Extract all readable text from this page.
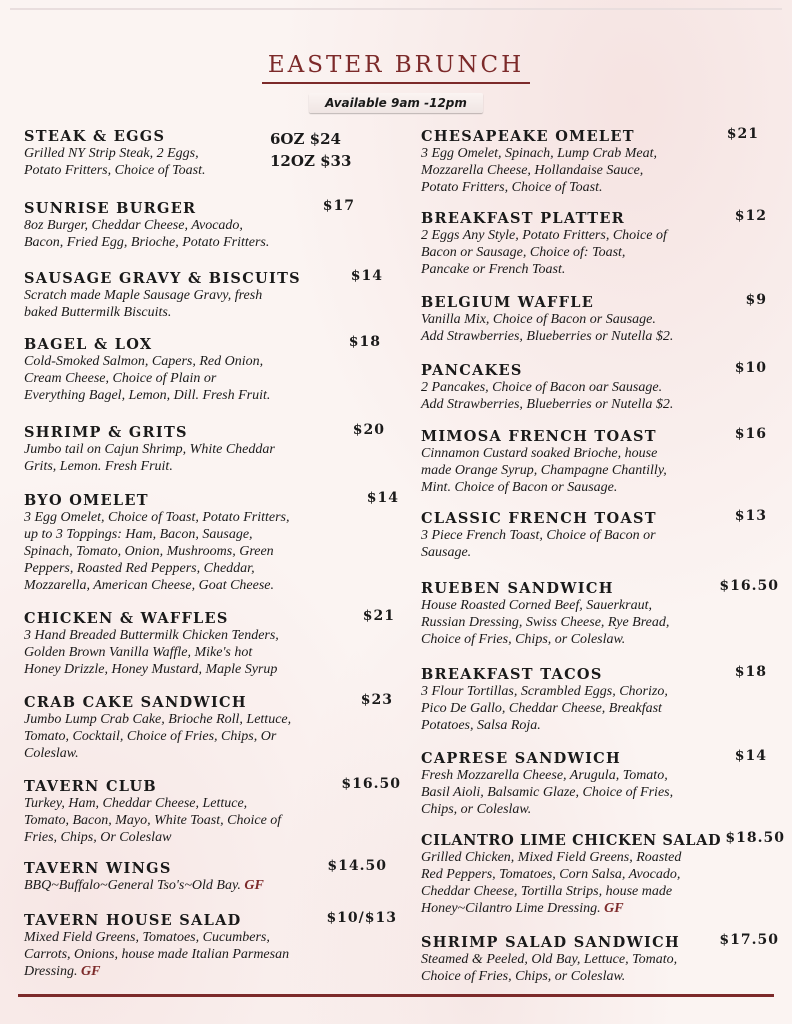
EASTER BRUNCH
Available 9am -12pm
STEAK & EGGS
Grilled NY Strip Steak, 2 Eggs,
Potato Fritters, Choice of Toast.
6OZ $24
12OZ $33
SUNRISE BURGER	$17
8oz Burger, Cheddar Cheese, Avocado,
Bacon, Fried Egg, Brioche, Potato Fritters.
SAUSAGE GRAVY & BISCUITS	$14
Scratch made Maple Sausage Gravy, fresh
baked Buttermilk Biscuits.
BAGEL & LOX	$18
Cold-Smoked Salmon, Capers, Red Onion,
Cream Cheese, Choice of Plain or
Everything Bagel, Lemon, Dill. Fresh Fruit.
SHRIMP & GRITS	$20
Jumbo tail on Cajun Shrimp, White Cheddar
Grits, Lemon. Fresh Fruit.
BYO OMELET	$14
3 Egg Omelet, Choice of Toast, Potato Fritters,
up to 3 Toppings: Ham, Bacon, Sausage,
Spinach, Tomato, Onion, Mushrooms, Green
Peppers, Roasted Red Peppers, Cheddar,
Mozzarella, American Cheese, Goat Cheese.
CHICKEN & WAFFLES	$21
3 Hand Breaded Buttermilk Chicken Tenders,
Golden Brown Vanilla Waffle, Mike's hot
Honey Drizzle, Honey Mustard, Maple Syrup
CRAB CAKE SANDWICH	$23
Jumbo Lump Crab Cake, Brioche Roll, Lettuce,
Tomato, Cocktail, Choice of Fries, Chips, Or
Coleslaw.
TAVERN CLUB	$16.50
Turkey, Ham, Cheddar Cheese, Lettuce,
Tomato, Bacon, Mayo, White Toast, Choice of
Fries, Chips, Or Coleslaw
TAVERN WINGS	$14.50
BBQ~Buffalo~General Tso's~Old Bay. GF
TAVERN HOUSE SALAD	$10/$13
Mixed Field Greens, Tomatoes, Cucumbers,
Carrots, Onions, house made Italian Parmesan
Dressing. GF
CHESAPEAKE OMELET	$21
3 Egg Omelet, Spinach, Lump Crab Meat,
Mozzarella Cheese, Hollandaise Sauce,
Potato Fritters, Choice of Toast.
BREAKFAST PLATTER	$12
2 Eggs Any Style, Potato Fritters, Choice of
Bacon or Sausage, Choice of: Toast,
Pancake or French Toast.
BELGIUM WAFFLE	$9
Vanilla Mix, Choice of Bacon or Sausage.
Add Strawberries, Blueberries or Nutella $2.
PANCAKES	$10
2 Pancakes, Choice of Bacon oar Sausage.
Add Strawberries, Blueberries or Nutella $2.
MIMOSA FRENCH TOAST	$16
Cinnamon Custard soaked Brioche, house
made Orange Syrup, Champagne Chantilly,
Mint. Choice of Bacon or Sausage.
CLASSIC FRENCH TOAST	$13
3 Piece French Toast, Choice of Bacon or
Sausage.
RUEBEN SANDWICH	$16.50
House Roasted Corned Beef, Sauerkraut,
Russian Dressing, Swiss Cheese, Rye Bread,
Choice of Fries, Chips, or Coleslaw.
BREAKFAST TACOS	$18
3 Flour Tortillas, Scrambled Eggs, Chorizo,
Pico De Gallo, Cheddar Cheese, Breakfast
Potatoes, Salsa Roja.
CAPRESE SANDWICH	$14
Fresh Mozzarella Cheese, Arugula, Tomato,
Basil Aioli, Balsamic Glaze, Choice of Fries,
Chips, or Coleslaw.
CILANTRO LIME CHICKEN SALAD $18.50
Grilled Chicken, Mixed Field Greens, Roasted
Red Peppers, Tomatoes, Corn Salsa, Avocado,
Cheddar Cheese, Tortilla Strips, house made
Honey~Cilantro Lime Dressing. GF
SHRIMP SALAD SANDWICH	$17.50
Steamed & Peeled, Old Bay, Lettuce, Tomato,
Choice of Fries, Chips, or Coleslaw.
